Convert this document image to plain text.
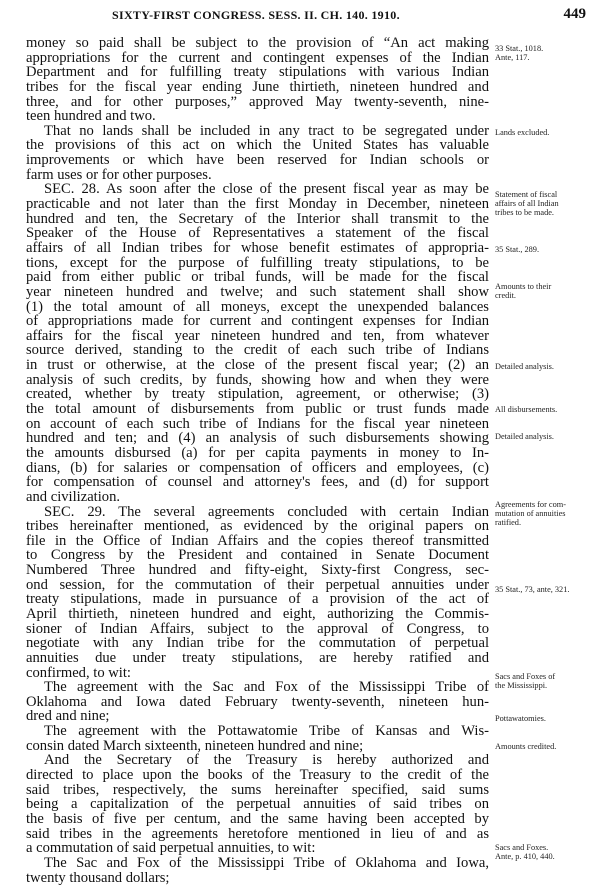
SIXTY-FIRST CONGRESS. SESS. II. CH. 140. 1910.	449
money so paid shall be subject to the provision of “An act making
appropriations for the current and contingent expenses of the Indian
Department and for fulfilling treaty stipulations with various Indian
tribes for the fiscal year ending June thirtieth, nineteen hundred and
three, and for other purposes,” approved May twenty-seventh, nine-
teen hundred and two.
That no lands shall be included in any tract to be segregated under
the provisions of this act on which the United States has valuable
improvements or which have been reserved for Indian schools or
farm uses or for other purposes.
SEC. 28. As soon after the close of the present fiscal year as may be
practicable and not later than the first Monday in December, nineteen
hundred and ten, the Secretary of the Interior shall transmit to the
Speaker of the House of Representatives a statement of the fiscal
affairs of all Indian tribes for whose benefit estimates of appropria-
tions, except for the purpose of fulfilling treaty stipulations, to be
paid from either public or tribal funds, will be made for the fiscal
year nineteen hundred and twelve; and such statement shall show
(1) the total amount of all moneys, except the unexpended balances
of appropriations made for current and contingent expenses for Indian
affairs for the fiscal year nineteen hundred and ten, from whatever
source derived, standing to the credit of each such tribe of Indians
in trust or otherwise, at the close of the present fiscal year; (2) an
analysis of such credits, by funds, showing how and when they were
created, whether by treaty stipulation, agreement, or otherwise; (3)
the total amount of disbursements from public or trust funds made
on account of each such tribe of Indians for the fiscal year nineteen
hundred and ten; and (4) an analysis of such disbursements showing
the amounts disbursed (a) for per capita payments in money to In-
dians, (b) for salaries or compensation of officers and employees, (c)
for compensation of counsel and attorney's fees, and (d) for support
and civilization.
SEC. 29. The several agreements concluded with certain Indian
tribes hereinafter mentioned, as evidenced by the original papers on
file in the Office of Indian Affairs and the copies thereof transmitted
to Congress by the President and contained in Senate Document
Numbered Three hundred and fifty-eight, Sixty-first Congress, sec-
ond session, for the commutation of their perpetual annuities under
treaty stipulations, made in pursuance of a provision of the act of
April thirtieth, nineteen hundred and eight, authorizing the Commis-
sioner of Indian Affairs, subject to the approval of Congress, to
negotiate with any Indian tribe for the commutation of perpetual
annuities due under treaty stipulations, are hereby ratified and
confirmed, to wit:
The agreement with the Sac and Fox of the Mississippi Tribe of
Oklahoma and Iowa dated February twenty-seventh, nineteen hun-
dred and nine;
The agreement with the Pottawatomie Tribe of Kansas and Wis-
consin dated March sixteenth, nineteen hundred and nine;
And the Secretary of the Treasury is hereby authorized and
directed to place upon the books of the Treasury to the credit of the
said tribes, respectively, the sums hereinafter specified, said sums
being a capitalization of the perpetual annuities of said tribes on
the basis of five per centum, and the same having been accepted by
said tribes in the agreements heretofore mentioned in lieu of and as
a commutation of said perpetual annuities, to wit:
The Sac and Fox of the Mississippi Tribe of Oklahoma and Iowa,
twenty thousand dollars;
33 Stat., 1018.
Ante, 117.
Lands excluded.
Statement of fiscal
affairs of all Indian
tribes to be made.
35 Stat., 289.
Amounts to their
credit.
Detailed analysis.
All disbursements.
Detailed analysis.
Agreements for com-
mutation of annuities
ratified.
35 Stat., 73, ante, 321.
Sacs and Foxes of
the Mississippi.
Pottawatomies.
Amounts credited.
Sacs and Foxes.
Ante, p. 410, 440.
